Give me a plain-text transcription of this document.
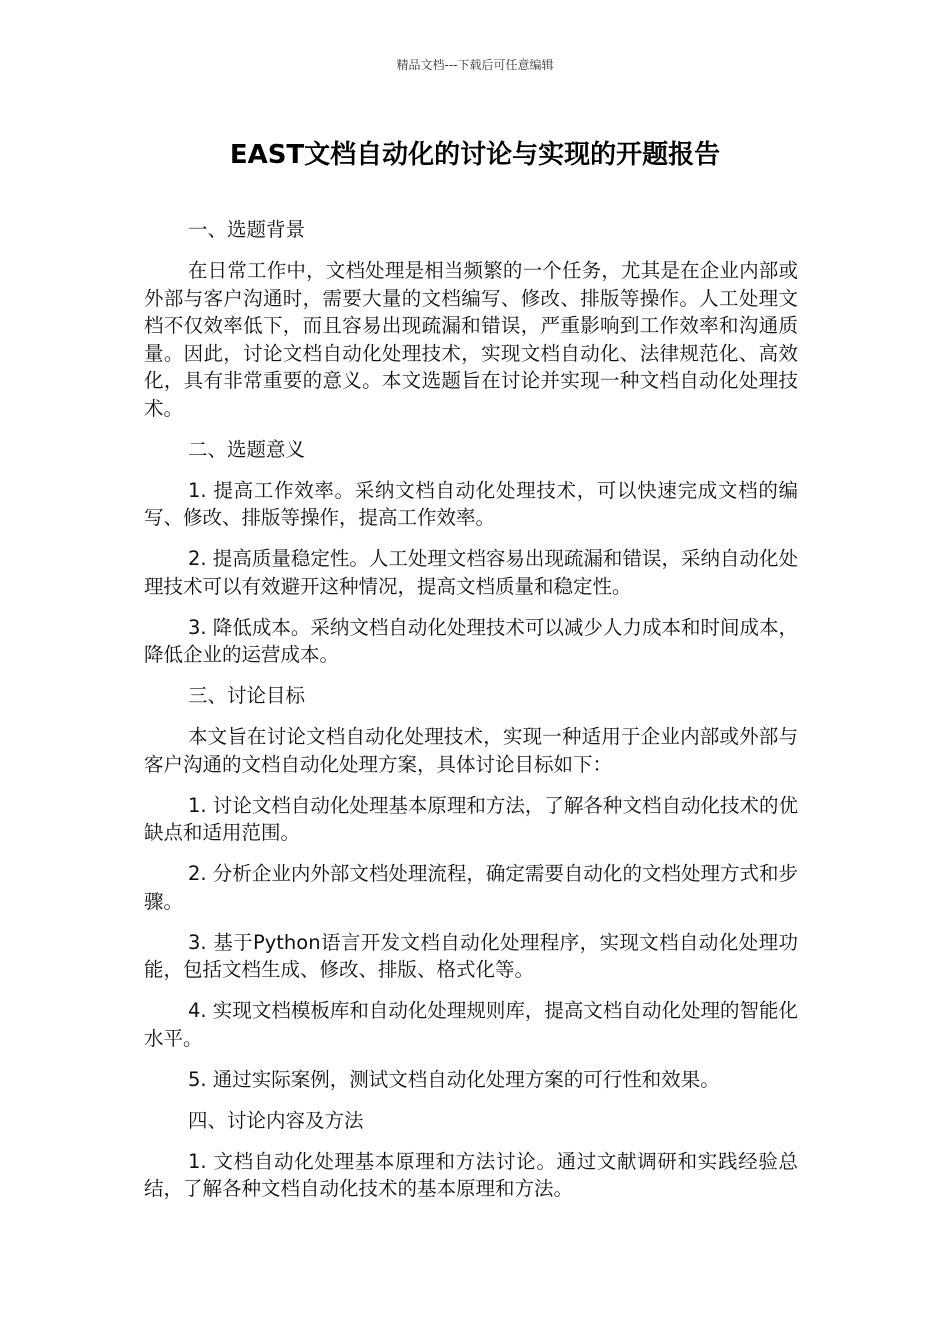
精品文档---下载后可任意编辑
EAST文档自动化的讨论与实现的开题报告

一、选题背景

在日常工作中，文档处理是相当频繁的一个任务，尤其是在企业内部或外部与客户沟通时，需要大量的文档编写、修改、排版等操作。人工处理文档不仅效率低下，而且容易出现疏漏和错误，严重影响到工作效率和沟通质量。因此，讨论文档自动化处理技术，实现文档自动化、法律规范化、高效化，具有非常重要的意义。本文选题旨在讨论并实现一种文档自动化处理技术。

二、选题意义

1. 提高工作效率。采纳文档自动化处理技术，可以快速完成文档的编写、修改、排版等操作，提高工作效率。

2. 提高质量稳定性。人工处理文档容易出现疏漏和错误，采纳自动化处理技术可以有效避开这种情况，提高文档质量和稳定性。

3. 降低成本。采纳文档自动化处理技术可以减少人力成本和时间成本，降低企业的运营成本。

三、讨论目标

本文旨在讨论文档自动化处理技术，实现一种适用于企业内部或外部与客户沟通的文档自动化处理方案，具体讨论目标如下：

1. 讨论文档自动化处理基本原理和方法，了解各种文档自动化技术的优缺点和适用范围。

2. 分析企业内外部文档处理流程，确定需要自动化的文档处理方式和步骤。

3. 基于Python语言开发文档自动化处理程序，实现文档自动化处理功能，包括文档生成、修改、排版、格式化等。

4. 实现文档模板库和自动化处理规则库，提高文档自动化处理的智能化水平。

5. 通过实际案例，测试文档自动化处理方案的可行性和效果。

四、讨论内容及方法

1. 文档自动化处理基本原理和方法讨论。通过文献调研和实践经验总结，了解各种文档自动化技术的基本原理和方法。
